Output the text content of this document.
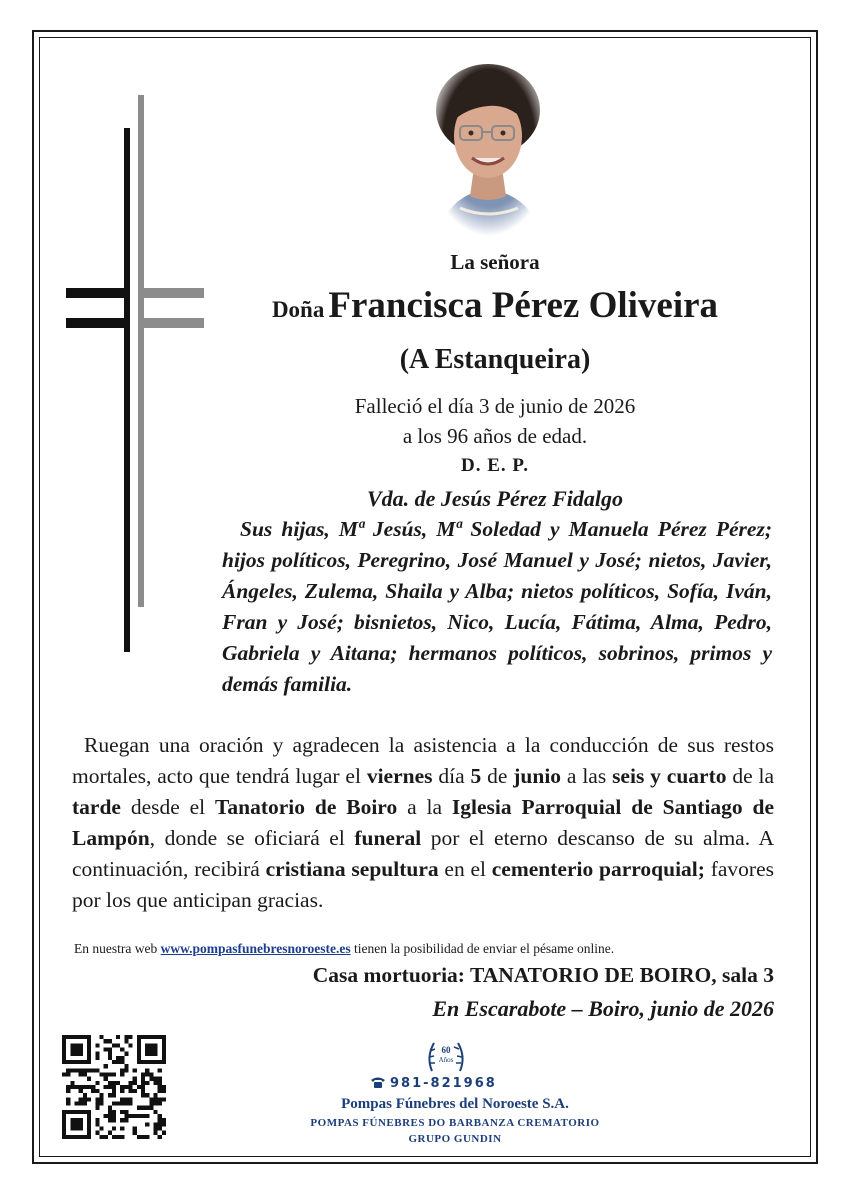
La señora
Doña Francisca Pérez Oliveira
(A Estanqueira)
Falleció el día 3 de junio de 2026
a los 96 años de edad.
D. E. P.
Vda. de Jesús Pérez Fidalgo
Sus hijas, Mª Jesús, Mª Soledad y Manuela Pérez Pérez; hijos políticos, Peregrino, José Manuel y José; nietos, Javier, Ángeles, Zulema, Shaila y Alba; nietos políticos, Sofía, Iván, Fran y José; bisnietos, Nico, Lucía, Fátima, Alma, Pedro, Gabriela y Aitana; hermanos políticos, sobrinos, primos y demás familia.
Ruegan una oración y agradecen la asistencia a la conducción de sus restos mortales, acto que tendrá lugar el viernes día 5 de junio a las seis y cuarto de la tarde desde el Tanatorio de Boiro a la Iglesia Parroquial de Santiago de Lampón, donde se oficiará el funeral por el eterno descanso de su alma. A continuación, recibirá cristiana sepultura en el cementerio parroquial; favores por los que anticipan gracias.
En nuestra web www.pompasfunebresnoroeste.es tienen la posibilidad de enviar el pésame online.
Casa mortuoria: TANATORIO DE BOIRO, sala 3
En Escarabote – Boiro, junio de 2026
60
Años
981-821968
Pompas Fúnebres del Noroeste S.A.
POMPAS FÚNEBRES DO BARBANZA CREMATORIO
GRUPO GUNDIN
